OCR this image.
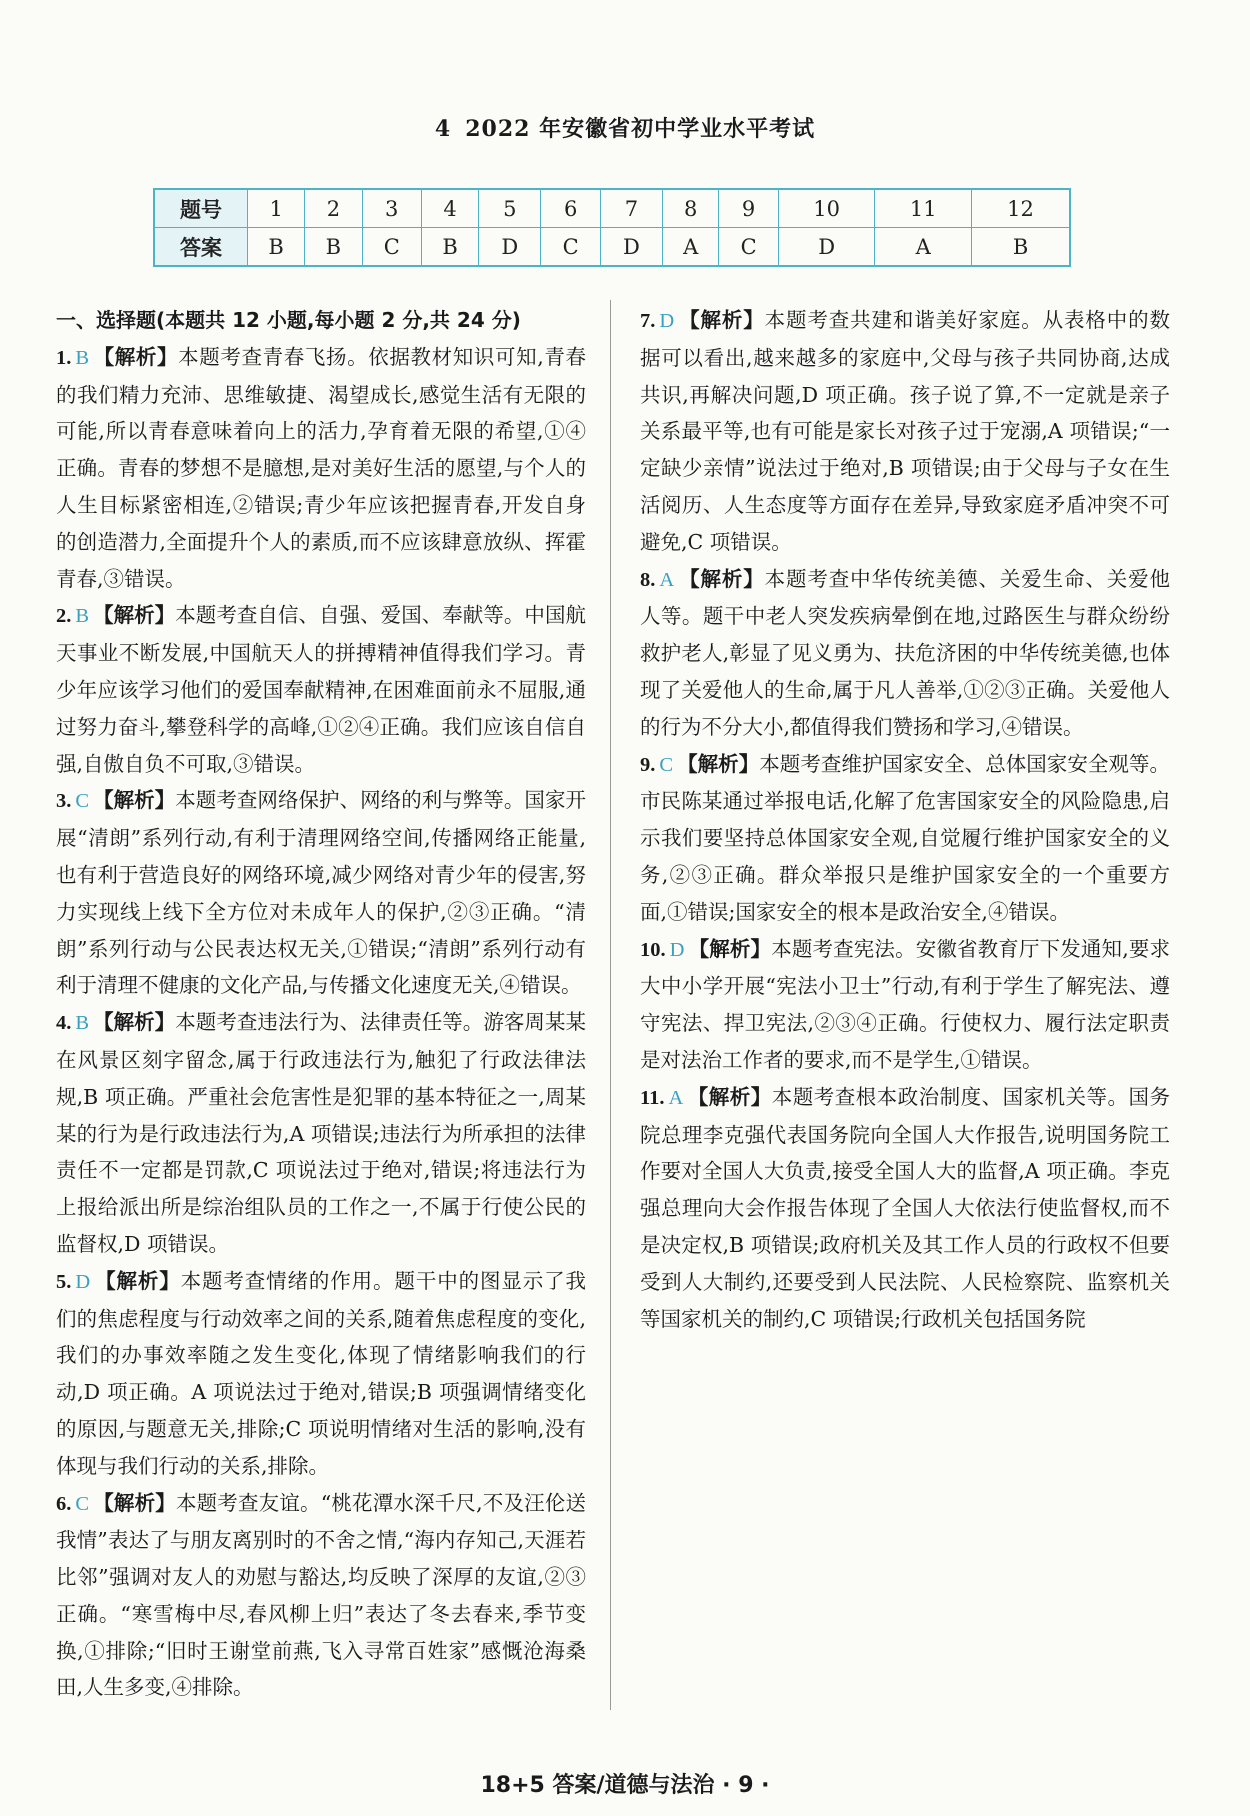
4 2022 年安徽省初中学业水平考试
题号	1	2	3	4	5	6	7	8	9	10	11	12
答案	B	B	C	B	D	C	D	A	C	D	A	B
一、选择题(本题共 12 小题,每小题 2 分,共 24 分)
1. B 【解析】本题考查青春飞扬。依据教材知识可知,青春的我们精力充沛、思维敏捷、渴望成长,感觉生活有无限的可能,所以青春意味着向上的活力,孕育着无限的希望,①④正确。青春的梦想不是臆想,是对美好生活的愿望,与个人的人生目标紧密相连,②错误;青少年应该把握青春,开发自身的创造潜力,全面提升个人的素质,而不应该肆意放纵、挥霍青春,③错误。
2. B 【解析】本题考查自信、自强、爱国、奉献等。中国航天事业不断发展,中国航天人的拼搏精神值得我们学习。青少年应该学习他们的爱国奉献精神,在困难面前永不屈服,通过努力奋斗,攀登科学的高峰,①②④正确。我们应该自信自强,自傲自负不可取,③错误。
3. C 【解析】本题考查网络保护、网络的利与弊等。国家开展“清朗”系列行动,有利于清理网络空间,传播网络正能量,也有利于营造良好的网络环境,减少网络对青少年的侵害,努力实现线上线下全方位对未成年人的保护,②③正确。“清朗”系列行动与公民表达权无关,①错误;“清朗”系列行动有利于清理不健康的文化产品,与传播文化速度无关,④错误。
4. B 【解析】本题考查违法行为、法律责任等。游客周某某在风景区刻字留念,属于行政违法行为,触犯了行政法律法规,B 项正确。严重社会危害性是犯罪的基本特征之一,周某某的行为是行政违法行为,A 项错误;违法行为所承担的法律责任不一定都是罚款,C 项说法过于绝对,错误;将违法行为上报给派出所是综治组队员的工作之一,不属于行使公民的监督权,D 项错误。
5. D 【解析】本题考查情绪的作用。题干中的图显示了我们的焦虑程度与行动效率之间的关系,随着焦虑程度的变化,我们的办事效率随之发生变化,体现了情绪影响我们的行动,D 项正确。A 项说法过于绝对,错误;B 项强调情绪变化的原因,与题意无关,排除;C 项说明情绪对生活的影响,没有体现与我们行动的关系,排除。
6. C 【解析】本题考查友谊。“桃花潭水深千尺,不及汪伦送我情”表达了与朋友离别时的不舍之情,“海内存知己,天涯若比邻”强调对友人的劝慰与豁达,均反映了深厚的友谊,②③正确。“寒雪梅中尽,春风柳上归”表达了冬去春来,季节变换,①排除;“旧时王谢堂前燕,飞入寻常百姓家”感慨沧海桑田,人生多变,④排除。
7. D 【解析】本题考查共建和谐美好家庭。从表格中的数据可以看出,越来越多的家庭中,父母与孩子共同协商,达成共识,再解决问题,D 项正确。孩子说了算,不一定就是亲子关系最平等,也有可能是家长对孩子过于宠溺,A 项错误;“一定缺少亲情”说法过于绝对,B 项错误;由于父母与子女在生活阅历、人生态度等方面存在差异,导致家庭矛盾冲突不可避免,C 项错误。
8. A 【解析】本题考查中华传统美德、关爱生命、关爱他人等。题干中老人突发疾病晕倒在地,过路医生与群众纷纷救护老人,彰显了见义勇为、扶危济困的中华传统美德,也体现了关爱他人的生命,属于凡人善举,①②③正确。关爱他人的行为不分大小,都值得我们赞扬和学习,④错误。
9. C 【解析】本题考查维护国家安全、总体国家安全观等。市民陈某通过举报电话,化解了危害国家安全的风险隐患,启示我们要坚持总体国家安全观,自觉履行维护国家安全的义务,②③正确。群众举报只是维护国家安全的一个重要方面,①错误;国家安全的根本是政治安全,④错误。
10. D 【解析】本题考查宪法。安徽省教育厅下发通知,要求大中小学开展“宪法小卫士”行动,有利于学生了解宪法、遵守宪法、捍卫宪法,②③④正确。行使权力、履行法定职责是对法治工作者的要求,而不是学生,①错误。
11. A 【解析】本题考查根本政治制度、国家机关等。国务院总理李克强代表国务院向全国人大作报告,说明国务院工作要对全国人大负责,接受全国人大的监督,A 项正确。李克强总理向大会作报告体现了全国人大依法行使监督权,而不是决定权,B 项错误;政府机关及其工作人员的行政权不但要受到人大制约,还要受到人民法院、人民检察院、监察机关等国家机关的制约,C 项错误;行政机关包括国务院
18+5 答案/道德与法治 · 9 ·
